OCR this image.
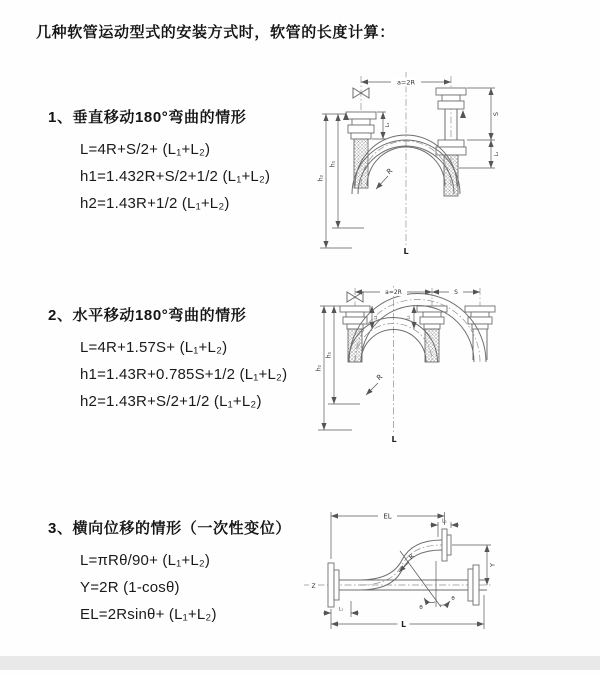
几种软管运动型式的安装方式时，软管的长度计算：
1、垂直移动180°弯曲的情形
L=4R+S/2+ (L₁+L₂)
h1=1.432R+S/2+1/2 (L₁+L₂)
h2=1.43R+1/2 (L₁+L₂)
a=2R
h₁
h₂
L₁
S
L₁
R
L
2、水平移动180°弯曲的情形
L=4R+1.57S+ (L₁+L₂)
h1=1.43R+0.785S+1/2 (L₁+L₂)
h2=1.43R+S/2+1/2 (L₁+L₂)
a=2R	S
L₁	L₁
h₁
h₂
R
L
3、横向位移的情形（一次性变位）
L=πRθ/90+ (L₁+L₂)
Y=2R (1-cosθ)
EL=2Rsinθ+ (L₁+L₂)
Z
EL
L₁
Y
R
θ
θ
L
L₁
